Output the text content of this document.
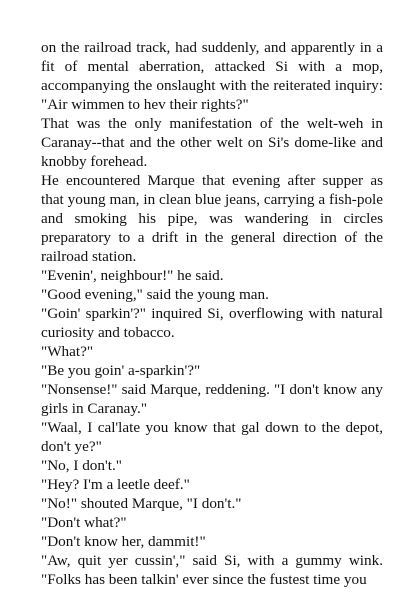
on the railroad track, had suddenly, and apparently in a fit of mental aberration, attacked Si with a mop, accompanying the onslaught with the reiterated inquiry: "Air wimmen to hev their rights?"

That was the only manifestation of the welt-weh in Caranay--that and the other welt on Si's dome-like and knobby forehead.

He encountered Marque that evening after supper as that young man, in clean blue jeans, carrying a fish-pole and smoking his pipe, was wandering in circles preparatory to a drift in the general direction of the railroad station.

"Evenin', neighbour!" he said.

"Good evening," said the young man.

"Goin' sparkin'?" inquired Si, overflowing with natural curiosity and tobacco.

"What?"

"Be you goin' a-sparkin'?"

"Nonsense!" said Marque, reddening. "I don't know any girls in Caranay."

"Waal, I cal'late you know that gal down to the depot, don't ye?"

"No, I don't."

"Hey? I'm a leetle deef."

"No!" shouted Marque, "I don't."

"Don't what?"

"Don't know her, dammit!"

"Aw, quit yer cussin'," said Si, with a gummy wink. "Folks has been talkin' ever since the fustest time you
